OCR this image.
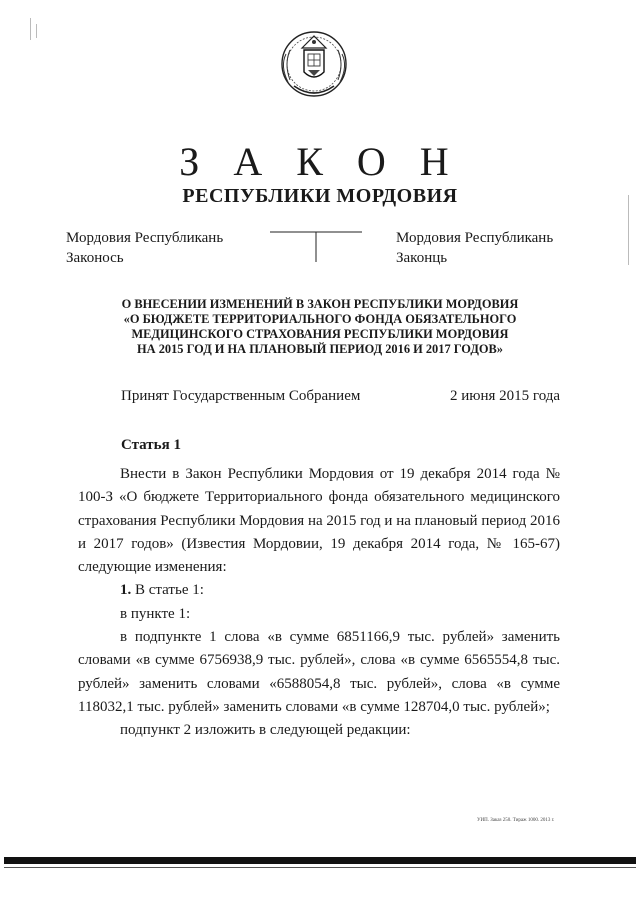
З А К О Н
РЕСПУБЛИКИ МОРДОВИЯ
Мордовия Республикань
Законось
Мордовия Республикань
Законць
О ВНЕСЕНИИ ИЗМЕНЕНИЙ В ЗАКОН РЕСПУБЛИКИ МОРДОВИЯ
«О БЮДЖЕТЕ ТЕРРИТОРИАЛЬНОГО ФОНДА ОБЯЗАТЕЛЬНОГО
МЕДИЦИНСКОГО СТРАХОВАНИЯ РЕСПУБЛИКИ МОРДОВИЯ
НА 2015 ГОД И НА ПЛАНОВЫЙ ПЕРИОД 2016 И 2017 ГОДОВ»
Принят Государственным Собранием	2 июня 2015 года
Статья 1

Внести в Закон Республики Мордовия от 19 декабря 2014 года № 100-З «О бюджете Территориального фонда обязательного медицинского страхования Республики Мордовия на 2015 год и на плановый период 2016 и 2017 годов» (Известия Мордовии, 19 декабря 2014 года, № 165-67) следующие изменения:

1. В статье 1:

в пункте 1:

в подпункте 1 слова «в сумме 6851166,9 тыс. рублей» заменить словами «в сумме 6756938,9 тыс. рублей», слова «в сумме 6565554,8 тыс. рублей» заменить словами «6588054,8 тыс. рублей», слова «в сумме 118032,1 тыс. рублей» заменить словами «в сумме 128704,0 тыс. рублей»;

подпункт 2 изложить в следующей редакции:

УИП. Заказ 250. Тираж 1000. 2013 г.
